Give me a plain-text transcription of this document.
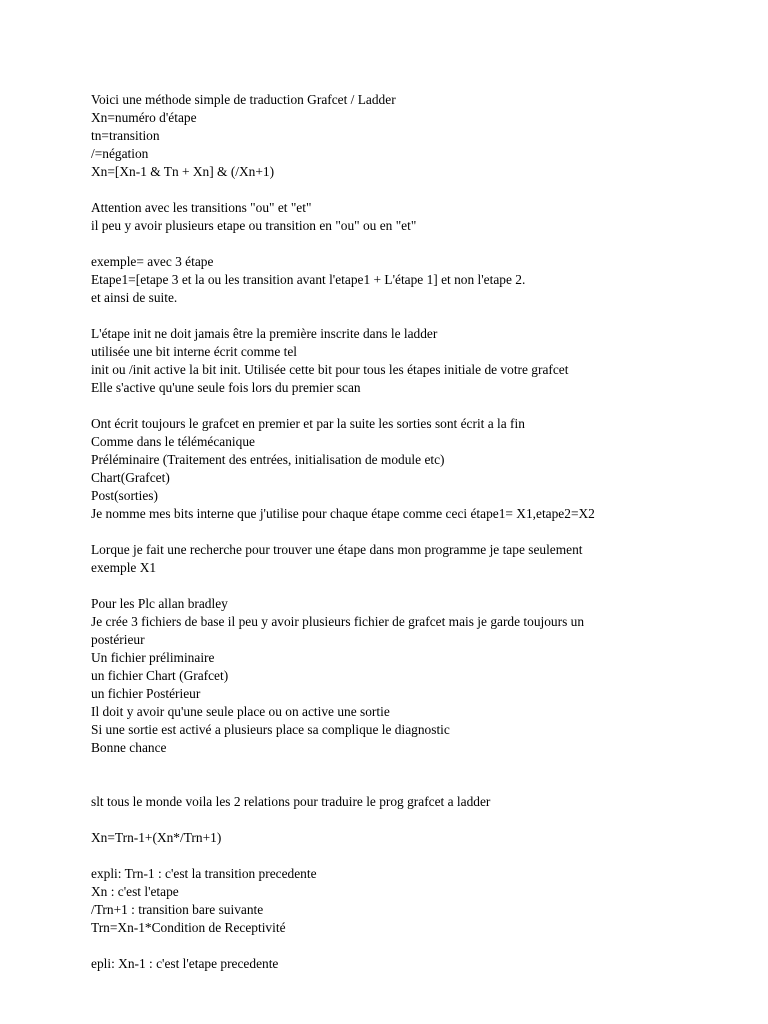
Voici une méthode simple de traduction Grafcet / Ladder
Xn=numéro d'étape
tn=transition
/=négation
Xn=[Xn-1 & Tn + Xn] & (/Xn+1)
Attention avec les transitions "ou" et "et"
il peu y avoir plusieurs etape ou transition en "ou" ou en "et"
exemple= avec 3 étape
Etape1=[etape 3 et la ou les transition avant l'etape1 + L'étape 1] et non l'etape 2.
et ainsi de suite.
L'étape init ne doit jamais être la première inscrite dans le ladder
utilisée une bit interne écrit comme tel
init ou /init active la bit init. Utilisée cette bit pour tous les étapes initiale de votre grafcet
Elle s'active qu'une seule fois lors du premier scan
Ont écrit toujours le grafcet en premier et par la suite les sorties sont écrit a la fin
Comme dans le télémécanique
Préléminaire (Traitement des entrées, initialisation de module etc)
Chart(Grafcet)
Post(sorties)
Je nomme mes bits interne que j'utilise pour chaque étape comme ceci étape1= X1,etape2=X2
Lorque je fait une recherche pour trouver une étape dans mon programme je tape seulement
exemple X1
Pour les Plc allan bradley
Je crée 3 fichiers de base il peu y avoir plusieurs fichier de grafcet mais je garde toujours un
postérieur
Un fichier préliminaire
un fichier Chart (Grafcet)
un fichier Postérieur
Il doit y avoir qu'une seule place ou on active une sortie
Si une sortie est activé a plusieurs place sa complique le diagnostic
Bonne chance
slt tous le monde voila les 2 relations pour traduire le prog grafcet a ladder
Xn=Trn-1+(Xn*/Trn+1)
expli: Trn-1 : c'est la transition precedente
Xn : c'est l'etape
/Trn+1 : transition bare suivante
Trn=Xn-1*Condition de Receptivité
epli: Xn-1 : c'est l'etape precedente
